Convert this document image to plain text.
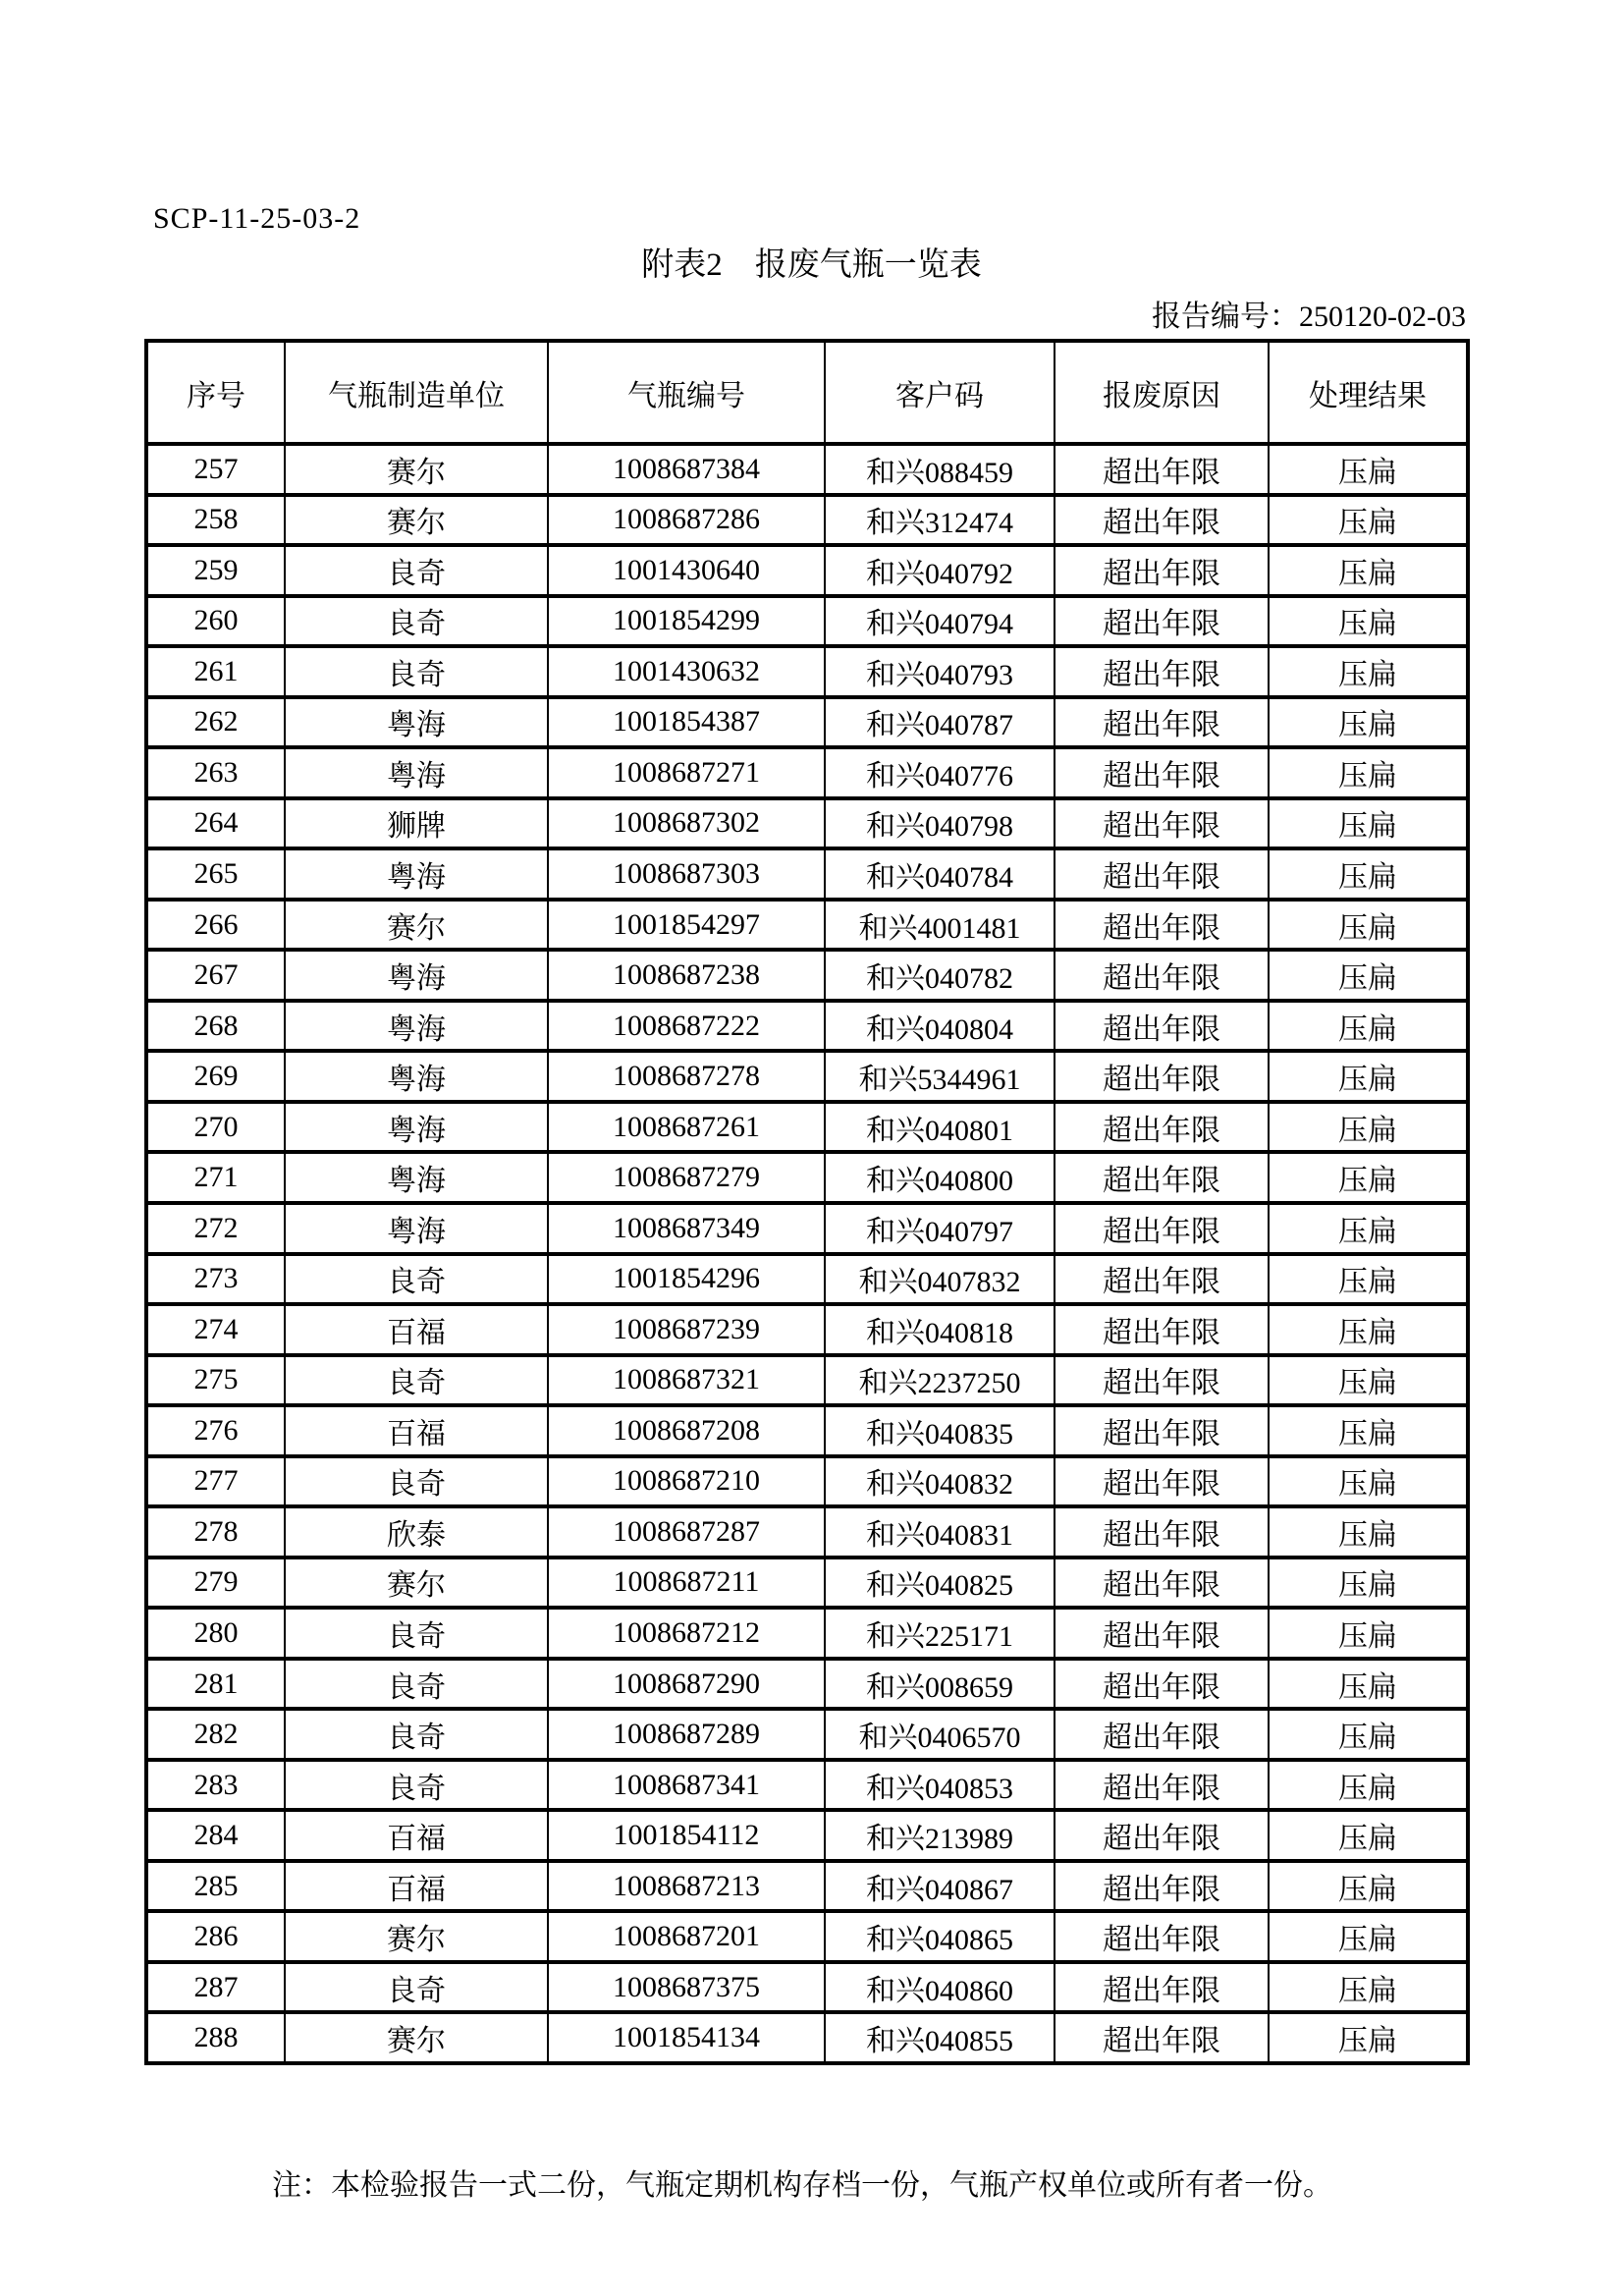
SCP-11-25-03-2
附表2　报废气瓶一览表
报告编号：250120-02-03
序号	气瓶制造单位	气瓶编号	客户码	报废原因	处理结果
257	赛尔	1008687384	和兴088459	超出年限	压扁
258	赛尔	1008687286	和兴312474	超出年限	压扁
259	良奇	1001430640	和兴040792	超出年限	压扁
260	良奇	1001854299	和兴040794	超出年限	压扁
261	良奇	1001430632	和兴040793	超出年限	压扁
262	粤海	1001854387	和兴040787	超出年限	压扁
263	粤海	1008687271	和兴040776	超出年限	压扁
264	狮牌	1008687302	和兴040798	超出年限	压扁
265	粤海	1008687303	和兴040784	超出年限	压扁
266	赛尔	1001854297	和兴4001481	超出年限	压扁
267	粤海	1008687238	和兴040782	超出年限	压扁
268	粤海	1008687222	和兴040804	超出年限	压扁
269	粤海	1008687278	和兴5344961	超出年限	压扁
270	粤海	1008687261	和兴040801	超出年限	压扁
271	粤海	1008687279	和兴040800	超出年限	压扁
272	粤海	1008687349	和兴040797	超出年限	压扁
273	良奇	1001854296	和兴0407832	超出年限	压扁
274	百福	1008687239	和兴040818	超出年限	压扁
275	良奇	1008687321	和兴2237250	超出年限	压扁
276	百福	1008687208	和兴040835	超出年限	压扁
277	良奇	1008687210	和兴040832	超出年限	压扁
278	欣泰	1008687287	和兴040831	超出年限	压扁
279	赛尔	1008687211	和兴040825	超出年限	压扁
280	良奇	1008687212	和兴225171	超出年限	压扁
281	良奇	1008687290	和兴008659	超出年限	压扁
282	良奇	1008687289	和兴0406570	超出年限	压扁
283	良奇	1008687341	和兴040853	超出年限	压扁
284	百福	1001854112	和兴213989	超出年限	压扁
285	百福	1008687213	和兴040867	超出年限	压扁
286	赛尔	1008687201	和兴040865	超出年限	压扁
287	良奇	1008687375	和兴040860	超出年限	压扁
288	赛尔	1001854134	和兴040855	超出年限	压扁
注：本检验报告一式二份，气瓶定期机构存档一份，气瓶产权单位或所有者一份。
